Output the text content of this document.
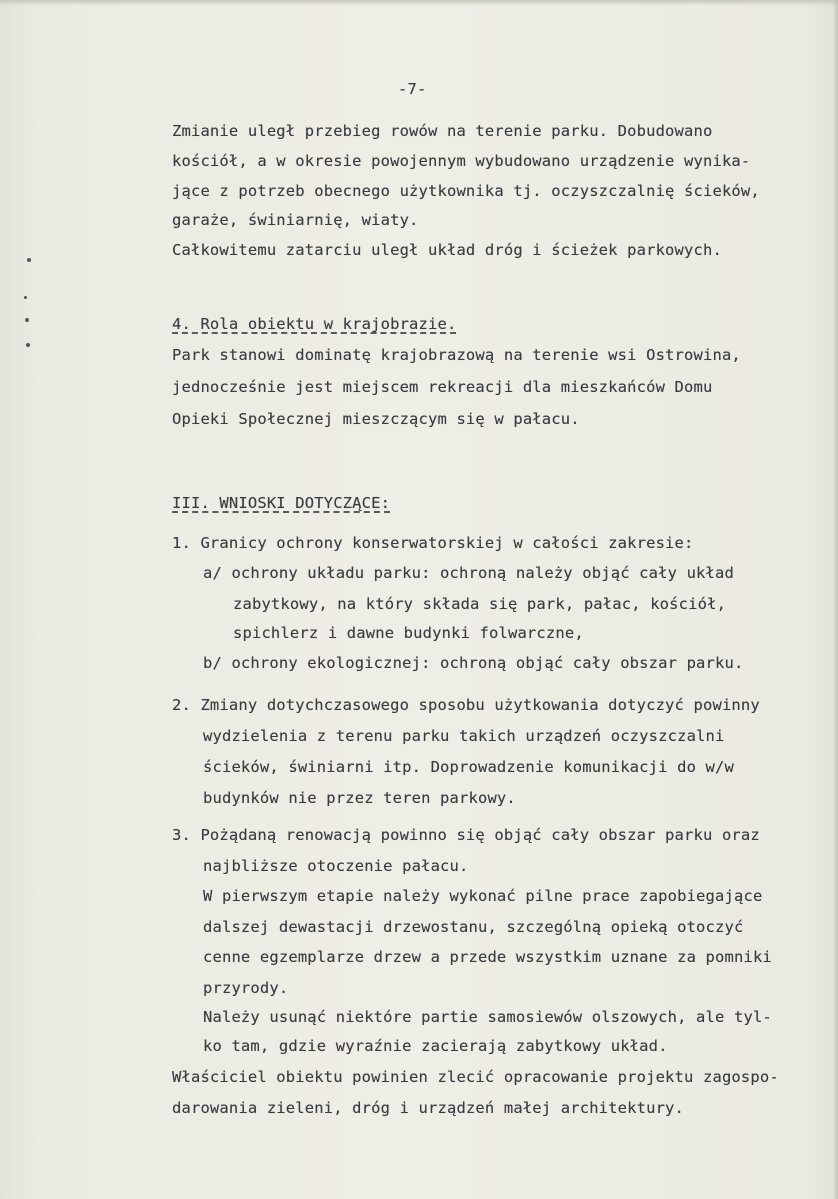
-7-
Zmianie uległ przebieg rowów na terenie parku. Dobudowano
kościół, a w okresie powojennym wybudowano urządzenie wynika-
jące z potrzeb obecnego użytkownika tj. oczyszczalnię ścieków,
garaże, świniarnię, wiaty.
Całkowitemu zatarciu uległ układ dróg i ścieżek parkowych.
4. Rola obiektu w krajobrazie.
Park stanowi dominatę krajobrazową na terenie wsi Ostrowina,
jednocześnie jest miejscem rekreacji dla mieszkańców Domu
Opieki Społecznej mieszczącym się w pałacu.
III. WNIOSKI DOTYCZĄCE:
1. Granicy ochrony konserwatorskiej w całości zakresie:
a/ ochrony układu parku: ochroną należy objąć cały układ
zabytkowy, na który składa się park, pałac, kościół,
spichlerz i dawne budynki folwarczne,
b/ ochrony ekologicznej: ochroną objąć cały obszar parku.
2. Zmiany dotychczasowego sposobu użytkowania dotyczyć powinny
wydzielenia z terenu parku takich urządzeń oczyszczalni
ścieków, świniarni itp. Doprowadzenie komunikacji do w/w
budynków nie przez teren parkowy.
3. Pożądaną renowacją powinno się objąć cały obszar parku oraz
najbliższe otoczenie pałacu.
W pierwszym etapie należy wykonać pilne prace zapobiegające
dalszej dewastacji drzewostanu, szczególną opieką otoczyć
cenne egzemplarze drzew a przede wszystkim uznane za pomniki
przyrody.
Należy usunąć niektóre partie samosiewów olszowych, ale tyl-
ko tam, gdzie wyraźnie zacierają zabytkowy układ.
Właściciel obiektu powinien zlecić opracowanie projektu zagospo-
darowania zieleni, dróg i urządzeń małej architektury.
